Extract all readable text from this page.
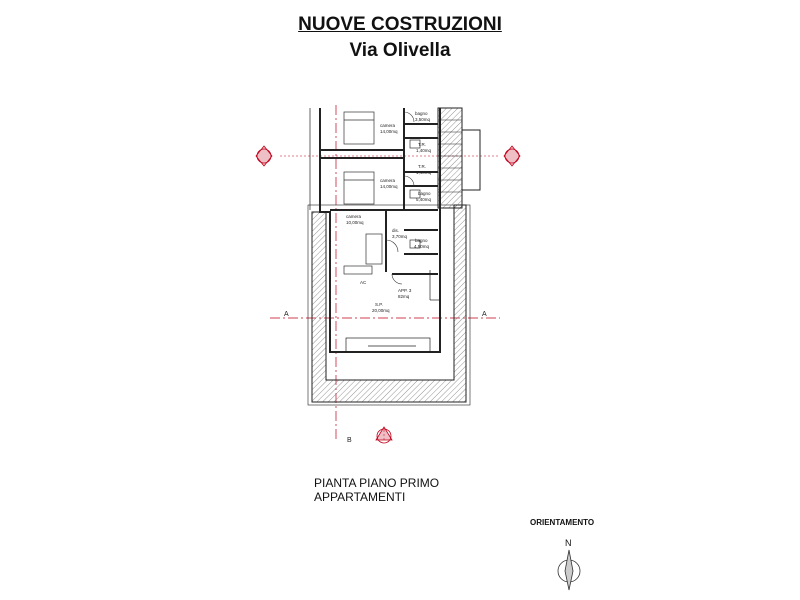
NUOVE COSTRUZIONI
Via Olivella
camera
14,00mq
bagno
3,50mq
T.R.
1,40mq
camera
14,00mq
T.R.
1,40mq
bagno
5,40mq
camera
10,00mq
dis.
3,70mq
bagno
4,50mq
AC
S.P.
20,00mq
APP. 3
82mq
A	A
B
PIANTA PIANO PRIMO
APPARTAMENTI
ORIENTAMENTO
N
